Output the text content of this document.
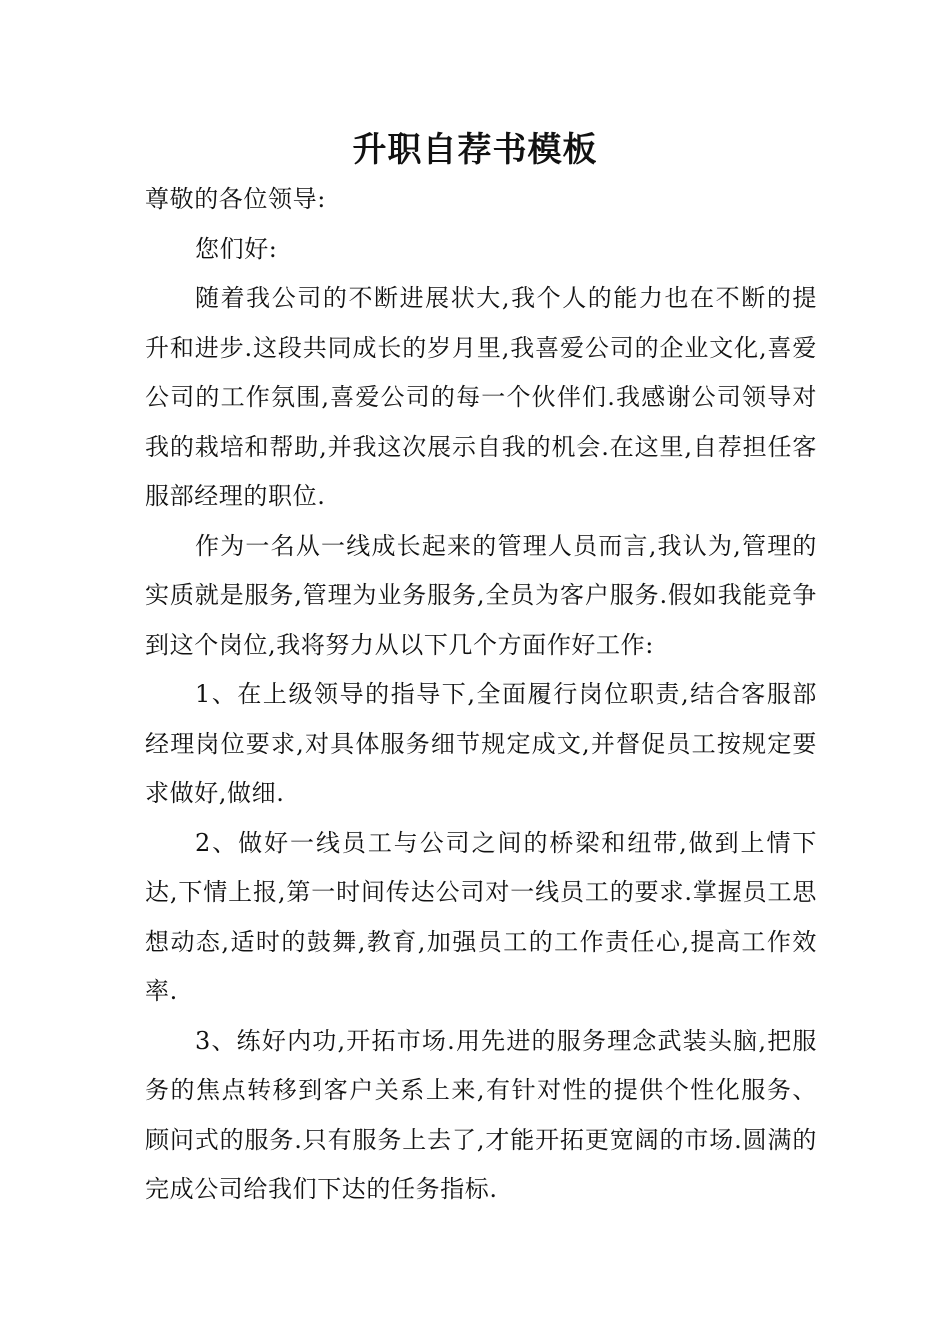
升职自荐书模板

尊敬的各位领导:

您们好:

随着我公司的不断进展状大,我个人的能力也在不断的提升和进步.这段共同成长的岁月里,我喜爱公司的企业文化,喜爱公司的工作氛围,喜爱公司的每一个伙伴们.我感谢公司领导对我的栽培和帮助,并我这次展示自我的机会.在这里,自荐担任客服部经理的职位.

作为一名从一线成长起来的管理人员而言,我认为,管理的实质就是服务,管理为业务服务,全员为客户服务.假如我能竞争到这个岗位,我将努力从以下几个方面作好工作:

1、在上级领导的指导下,全面履行岗位职责,结合客服部经理岗位要求,对具体服务细节规定成文,并督促员工按规定要求做好,做细.

2、做好一线员工与公司之间的桥梁和纽带,做到上情下达,下情上报,第一时间传达公司对一线员工的要求.掌握员工思想动态,适时的鼓舞,教育,加强员工的工作责任心,提高工作效率.

3、练好内功,开拓市场.用先进的服务理念武装头脑,把服务的焦点转移到客户关系上来,有针对性的提供个性化服务、顾问式的服务.只有服务上去了,才能开拓更宽阔的市场.圆满的完成公司给我们下达的任务指标.
